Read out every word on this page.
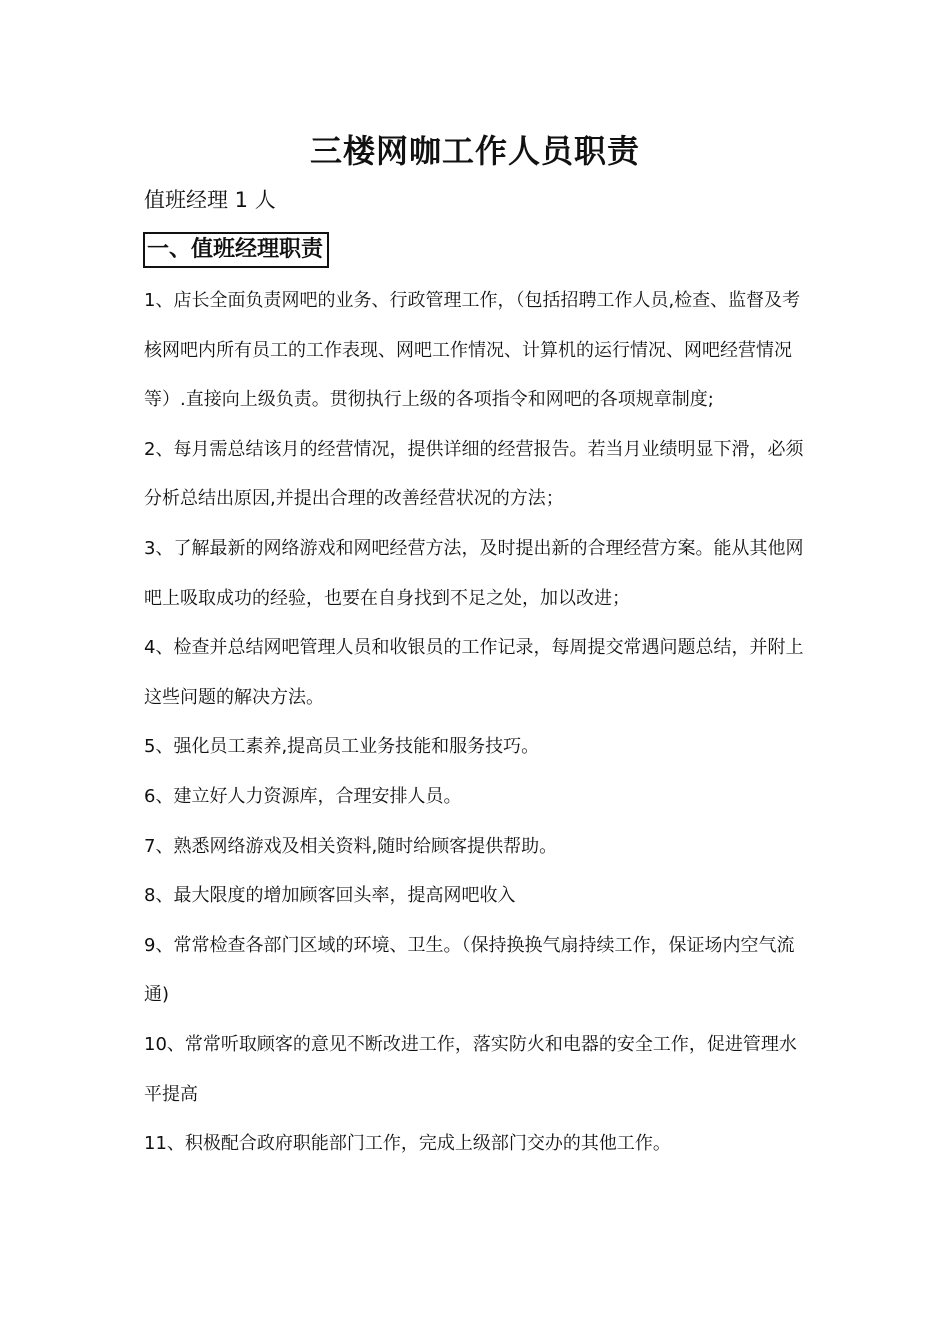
三楼网咖工作人员职责

值班经理 1 人

一、值班经理职责
1、店长全面负责网吧的业务、行政管理工作，（包括招聘工作人员,检查、监督及考核网吧内所有员工的工作表现、网吧工作情况、计算机的运行情况、网吧经营情况等）.直接向上级负责。贯彻执行上级的各项指令和网吧的各项规章制度;
2、每月需总结该月的经营情况，提供详细的经营报告。若当月业绩明显下滑，必须分析总结出原因,并提出合理的改善经营状况的方法；
3、了解最新的网络游戏和网吧经营方法，及时提出新的合理经营方案。能从其他网吧上吸取成功的经验，也要在自身找到不足之处，加以改进；
4、检查并总结网吧管理人员和收银员的工作记录，每周提交常遇问题总结，并附上这些问题的解决方法。
5、强化员工素养,提高员工业务技能和服务技巧。
6、建立好人力资源库，合理安排人员。
7、熟悉网络游戏及相关资料,随时给顾客提供帮助。
8、最大限度的增加顾客回头率，提高网吧收入
9、常常检查各部门区域的环境、卫生。（保持换换气扇持续工作，保证场内空气流通)
10、常常听取顾客的意见不断改进工作，落实防火和电器的安全工作，促进管理水平提高
11、积极配合政府职能部门工作，完成上级部门交办的其他工作。
